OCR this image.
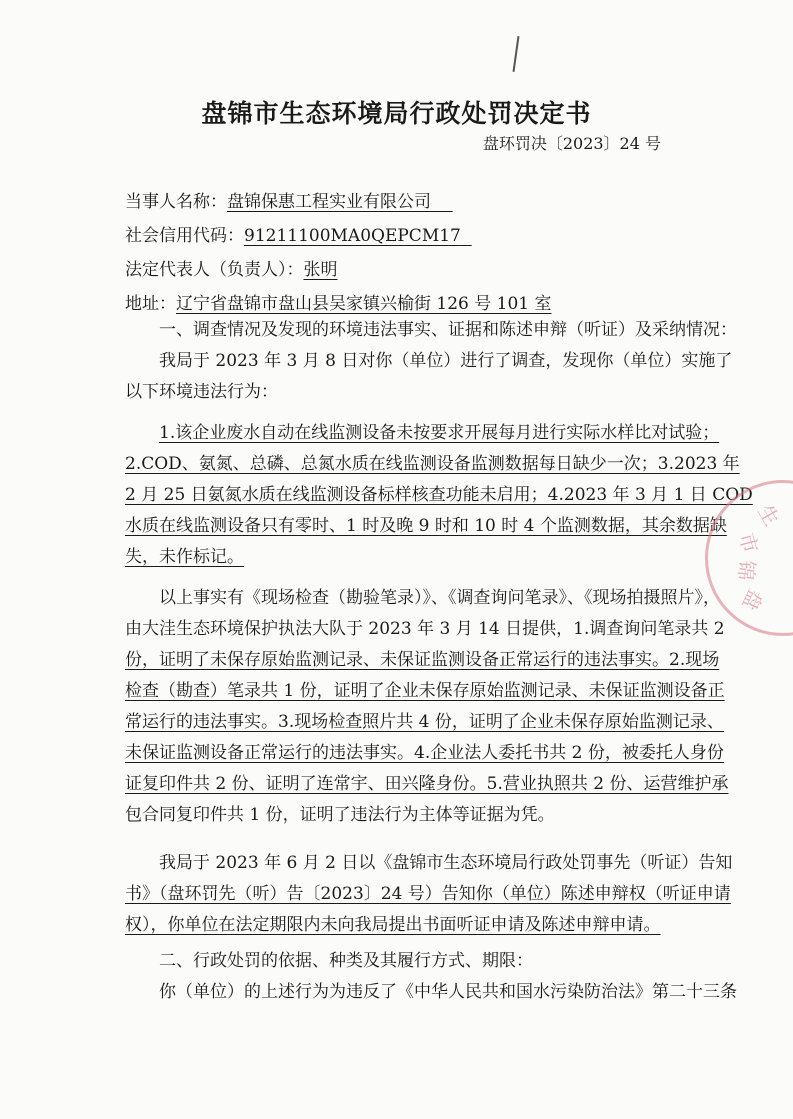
盘锦市生态环境局行政处罚决定书
盘环罚决〔2023〕24 号
当事人名称：盘锦保惠工程实业有限公司
社会信用代码：91211100MA0QEPCM17
法定代表人（负责人）：张明
地址：辽宁省盘锦市盘山县吴家镇兴榆街 126 号 101 室
一、调查情况及发现的环境违法事实、证据和陈述申辩（听证）及采纳情况：
我局于 2023 年 3 月 8 日对你（单位）进行了调查，发现你（单位）实施了
以下环境违法行为：
1.该企业废水自动在线监测设备未按要求开展每月进行实际水样比对试验；
2.COD、氨氮、总磷、总氮水质在线监测设备监测数据每日缺少一次；3.2023 年
2 月 25 日氨氮水质在线监测设备标样核查功能未启用；4.2023 年 3 月 1 日 COD
水质在线监测设备只有零时、1 时及晚 9 时和 10 时 4 个监测数据，其余数据缺
失，未作标记。
以上事实有《现场检查（勘验笔录）》、《调查询问笔录》、《现场拍摄照片》，
由大洼生态环境保护执法大队于 2023 年 3 月 14 日提供，1.调查询问笔录共 2
份，证明了未保存原始监测记录、未保证监测设备正常运行的违法事实。2.现场
检查（勘查）笔录共 1 份，证明了企业未保存原始监测记录、未保证监测设备正
常运行的违法事实。3.现场检查照片共 4 份，证明了企业未保存原始监测记录、
未保证监测设备正常运行的违法事实。4.企业法人委托书共 2 份，被委托人身份
证复印件共 2 份、证明了连常宇、田兴隆身份。5.营业执照共 2 份、运营维护承
包合同复印件共 1 份，证明了违法行为主体等证据为凭。
我局于 2023 年 6 月 2 日以《盘锦市生态环境局行政处罚事先（听证）告知
书》（盘环罚先（听）告〔2023〕24 号）告知你（单位）陈述申辩权（听证申请
权），你单位在法定期限内未向我局提出书面听证申请及陈述申辩申请。
二、行政处罚的依据、种类及其履行方式、期限：
你（单位）的上述行为为违反了《中华人民共和国水污染防治法》第二十三条
生
市
锦
盘
